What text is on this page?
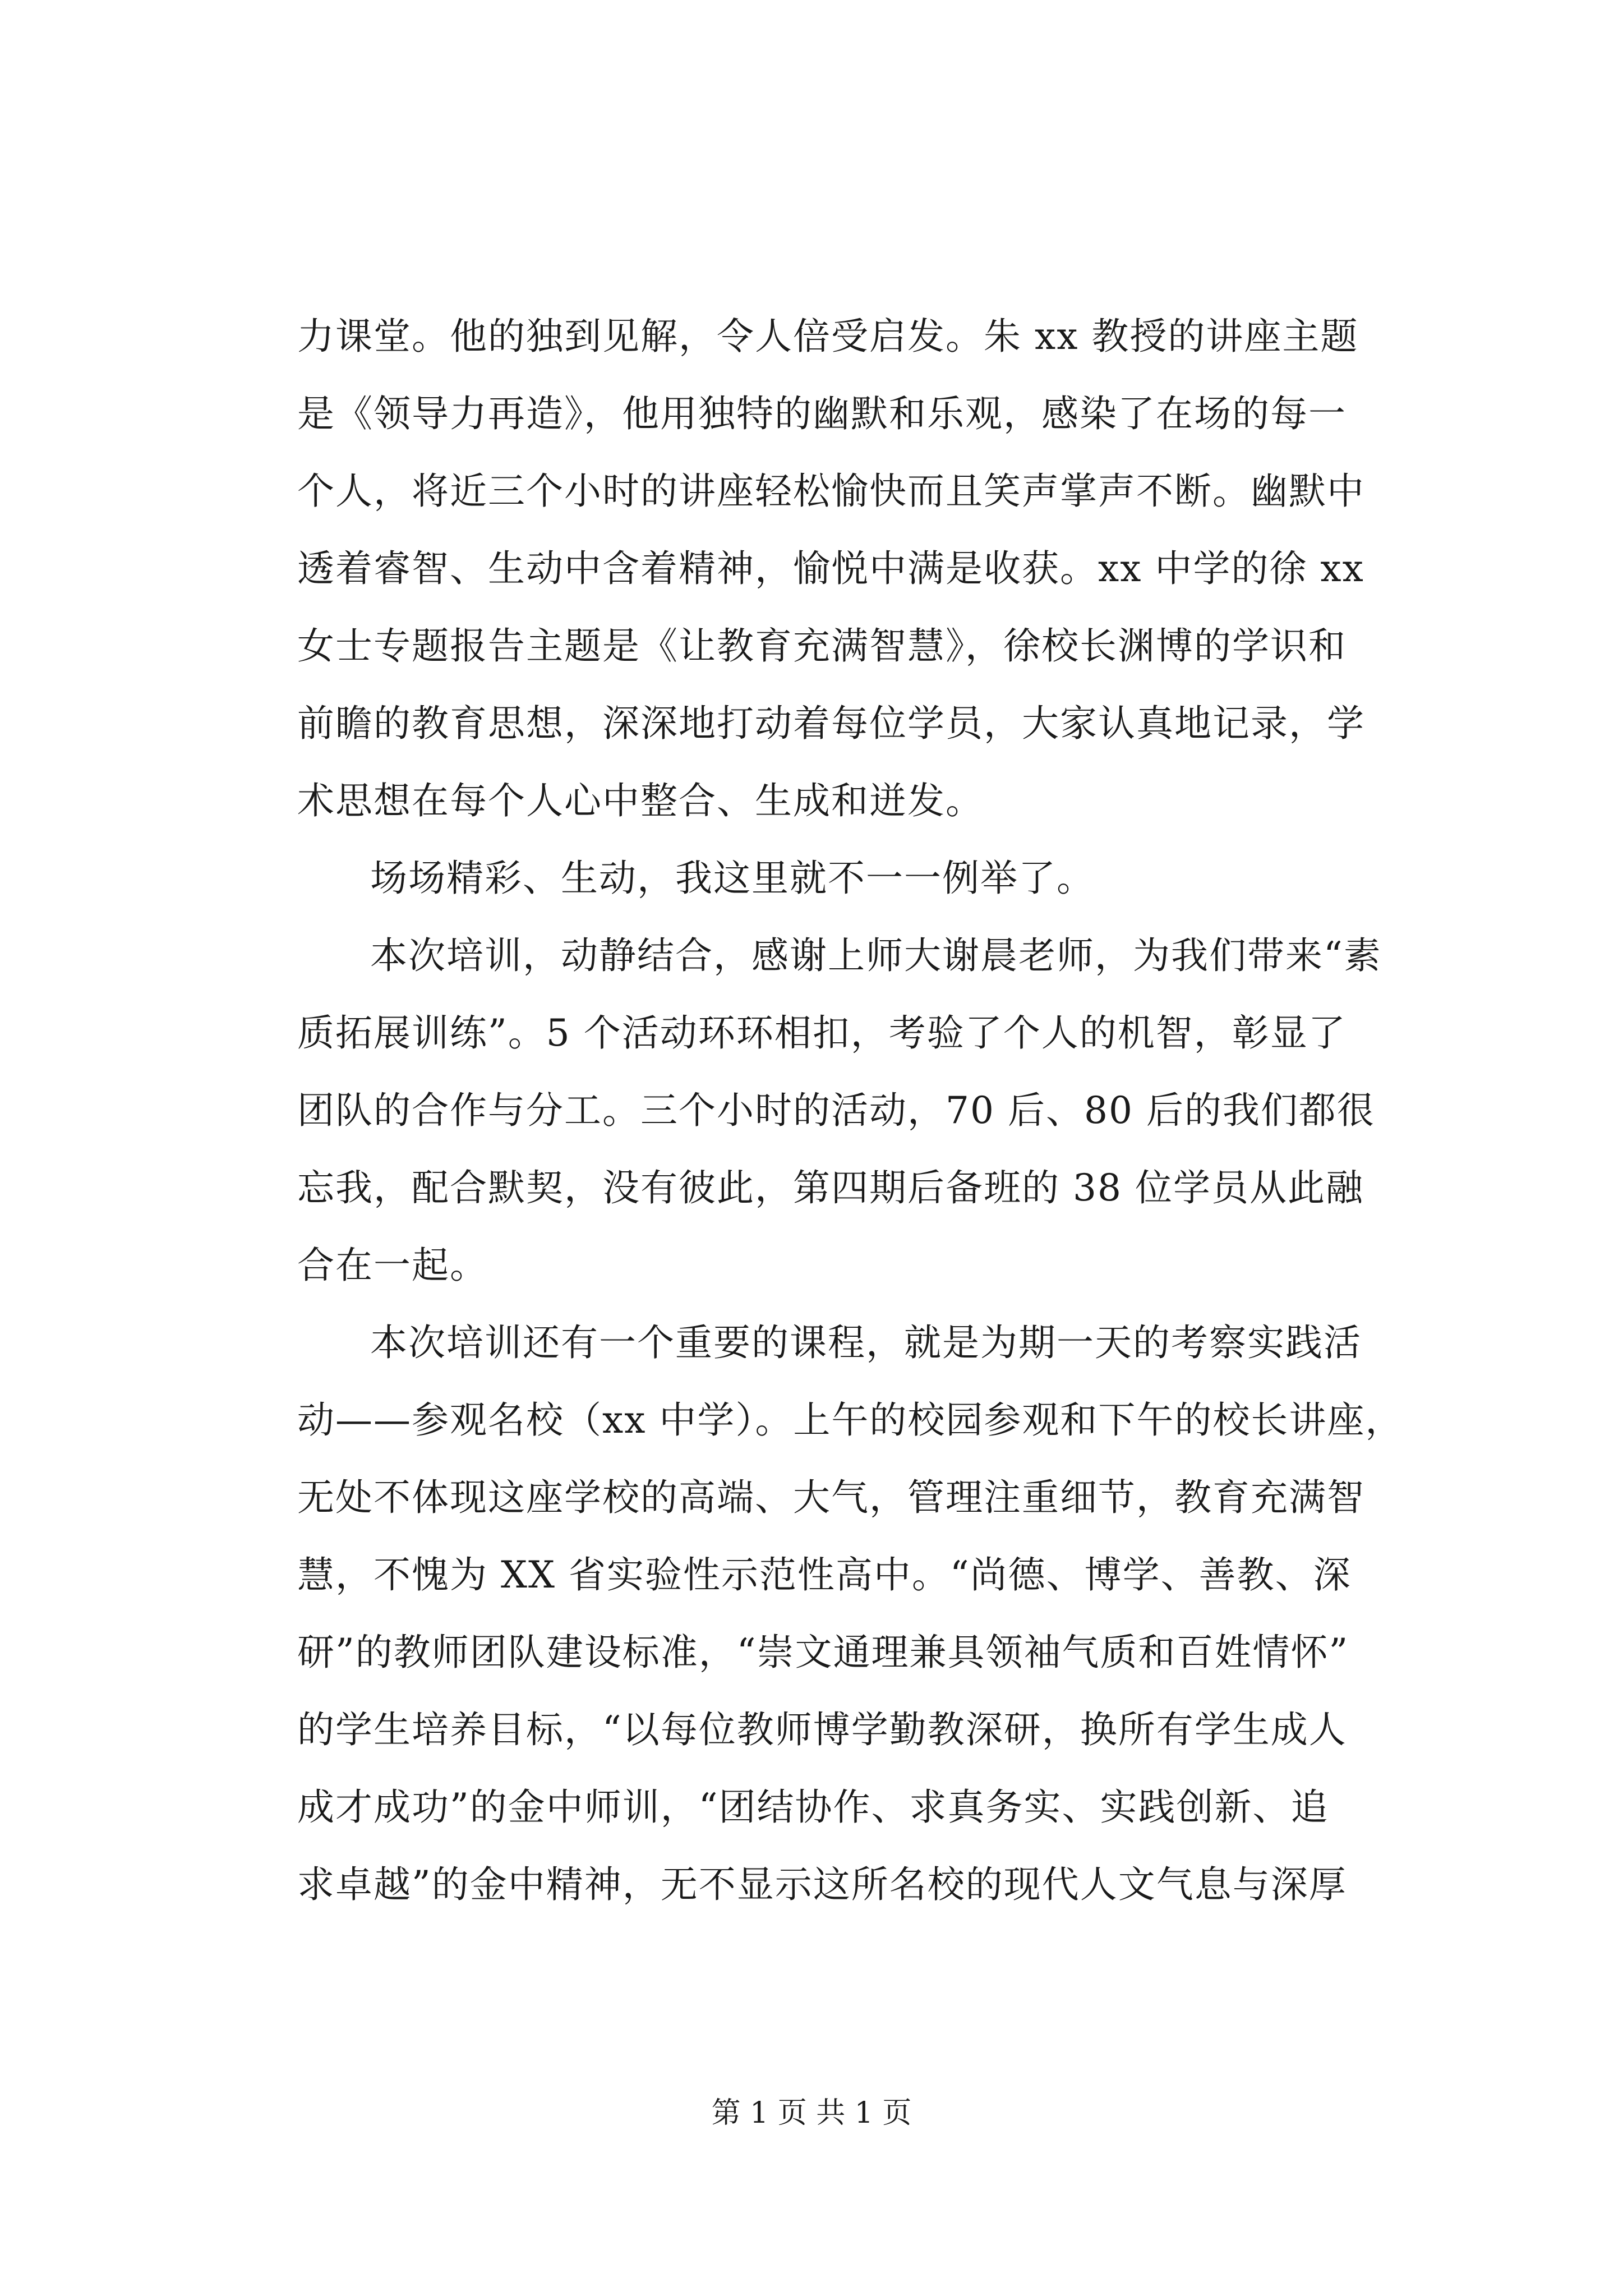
力课堂。他的独到见解，令人倍受启发。朱 xx 教授的讲座主题
是《领导力再造》，他用独特的幽默和乐观，感染了在场的每一
个人，将近三个小时的讲座轻松愉快而且笑声掌声不断。幽默中
透着睿智、生动中含着精神，愉悦中满是收获。xx 中学的徐 xx
女士专题报告主题是《让教育充满智慧》，徐校长渊博的学识和
前瞻的教育思想，深深地打动着每位学员，大家认真地记录，学
术思想在每个人心中整合、生成和迸发。
场场精彩、生动，我这里就不一一例举了。
本次培训，动静结合，感谢上师大谢晨老师，为我们带来“素
质拓展训练”。5 个活动环环相扣，考验了个人的机智，彰显了
团队的合作与分工。三个小时的活动，70 后、80 后的我们都很
忘我，配合默契，没有彼此，第四期后备班的 38 位学员从此融
合在一起。
本次培训还有一个重要的课程，就是为期一天的考察实践活
动——参观名校（xx 中学）。上午的校园参观和下午的校长讲座，
无处不体现这座学校的高端、大气，管理注重细节，教育充满智
慧，不愧为 XX 省实验性示范性高中。“尚德、博学、善教、深
研”的教师团队建设标准，“崇文通理兼具领袖气质和百姓情怀”
的学生培养目标，“以每位教师博学勤教深研，换所有学生成人
成才成功”的金中师训，“团结协作、求真务实、实践创新、追
求卓越”的金中精神，无不显示这所名校的现代人文气息与深厚
第 1 页 共 1 页
